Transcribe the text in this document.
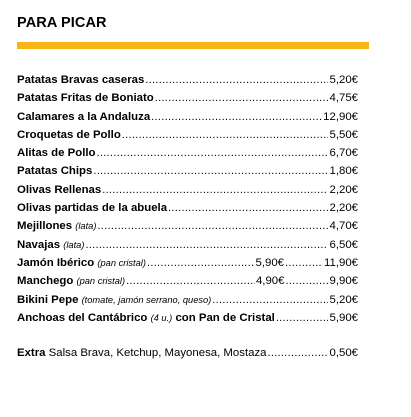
PARA PICAR
Patatas Bravas caseras .....	5,20€
Patatas Fritas de Boniato .....	4,75€
Calamares a la Andaluza .....	12,90€
Croquetas de Pollo .....	5,50€
Alitas de Pollo .....	6,70€
Patatas Chips .....	1,80€
Olivas Rellenas .....	2,20€
Olivas partidas de la abuela .....	2,20€
Mejillones (lata) .....	4,70€
Navajas (lata) .....	6,50€
Jamón Ibérico (pan cristal) .....	5,90€ .....	11,90€
Manchego (pan cristal) .....	4,90€ .....	9,90€
Bikini Pepe (tomate, jamón serrano, queso) .....	5,20€
Anchoas del Cantábrico (4 u.) con Pan de Cristal .....	5,90€
Extra Salsa Brava, Ketchup, Mayonesa, Mostaza .....	0,50€
